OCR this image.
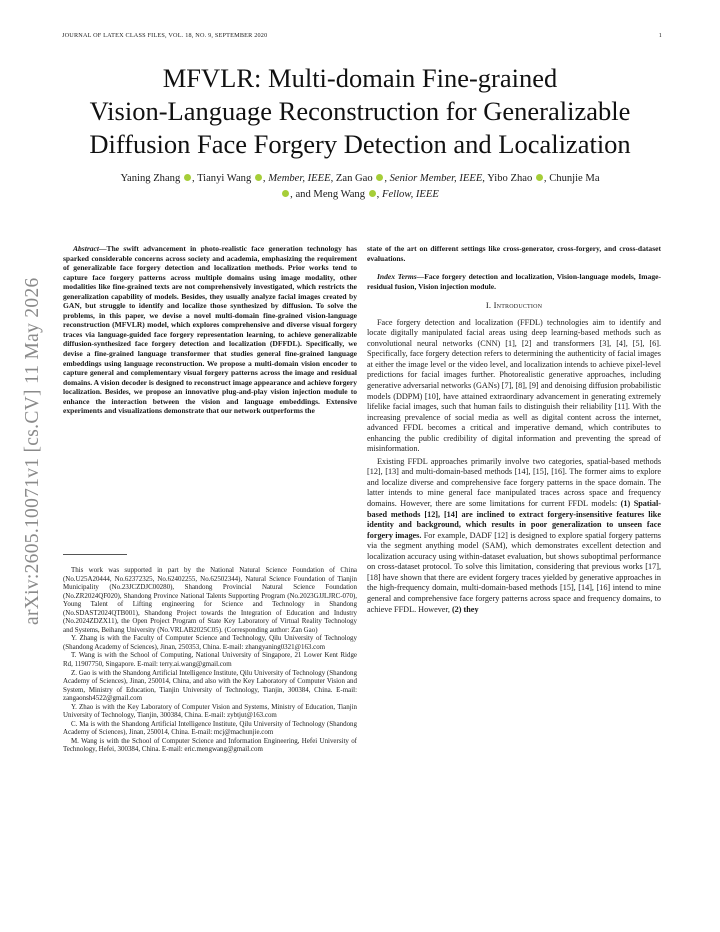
JOURNAL OF LATEX CLASS FILES, VOL. 18, NO. 9, SEPTEMBER 2020	1
MFVLR: Multi-domain Fine-grained
Vision-Language Reconstruction for Generalizable
Diffusion Face Forgery Detection and Localization
Yaning Zhang , Tianyi Wang , Member, IEEE, Zan Gao , Senior Member, IEEE, Yibo Zhao , Chunjie Ma
, and Meng Wang , Fellow, IEEE
arXiv:2605.10071v1 [cs.CV] 11 May 2026

Abstract—The swift advancement in photo-realistic face generation technology has sparked considerable concerns across society and academia, emphasizing the requirement of generalizable face forgery detection and localization methods. Prior works tend to capture face forgery patterns across multiple domains using image modality, other modalities like fine-grained texts are not comprehensively investigated, which restricts the generalization capability of models. Besides, they usually analyze facial images created by GAN, but struggle to identify and localize those synthesized by diffusion. To solve the problems, in this paper, we devise a novel multi-domain fine-grained vision-language reconstruction (MFVLR) model, which explores comprehensive and diverse visual forgery traces via language-guided face forgery representation learning, to achieve generalizable diffusion-synthesized face forgery detection and localization (DFFDL). Specifically, we devise a fine-grained language transformer that studies general fine-grained language embeddings using language reconstruction. We propose a multi-domain vision encoder to capture general and complementary visual forgery patterns across the image and residual domains. A vision decoder is designed to reconstruct image appearance and achieve forgery localization. Besides, we propose an innovative plug-and-play vision injection module to enhance the interaction between the vision and language embeddings. Extensive experiments and visualizations demonstrate that our network outperforms the

This work was supported in part by the National Natural Science Foundation of China (No.U25A20444, No.62372325, No.62402255, No.62502344), Natural Science Foundation of Tianjin Municipality (No.23JCZDJC00280), Shandong Provincial Natural Science Foundation (No.ZR2024QF020), Shandong Province National Talents Supporting Program (No.2023GJJLJRC-070), Young Talent of Lifting engineering for Science and Technology in Shandong (No.SDAST2024QTB001), Shandong Project towards the Integration of Education and Industry (No.2024ZDZX11), the Open Project Program of State Key Laboratory of Virtual Reality Technology and Systems, Beihang University (No.VRLAB2025C05). (Corresponding author: Zan Gao)

Y. Zhang is with the Faculty of Computer Science and Technology, Qilu University of Technology (Shandong Academy of Sciences), Jinan, 250353, China. E-mail: zhangyaning0321@163.com

T. Wang is with the School of Computing, National University of Singapore, 21 Lower Kent Ridge Rd, 11907750, Singapore. E-mail: terry.ai.wang@gmail.com

Z. Gao is with the Shandong Artificial Intelligence Institute, Qilu University of Technology (Shandong Academy of Sciences), Jinan, 250014, China, and also with the Key Laboratory of Computer Vision and System, Ministry of Education, Tianjin University of Technology, Tianjin, 300384, China. E-mail: zangaonsh4522@gmail.com

Y. Zhao is with the Key Laboratory of Computer Vision and Systems, Ministry of Education, Tianjin University of Technology, Tianjin, 300384, China. E-mail: zybtjut@163.com

C. Ma is with the Shandong Artificial Intelligence Institute, Qilu University of Technology (Shandong Academy of Sciences), Jinan, 250014, China. E-mail: mcj@machunjie.com

M. Wang is with the School of Computer Science and Information Engineering, Hefei University of Technology, Hefei, 300384, China. E-mail: eric.mengwang@gmail.com

state of the art on different settings like cross-generator, cross-forgery, and cross-dataset evaluations.

Index Terms—Face forgery detection and localization, Vision-language models, Image-residual fusion, Vision injection module.

I. Introduction

Face forgery detection and localization (FFDL) technologies aim to identify and locate digitally manipulated facial areas using deep learning-based methods such as convolutional neural networks (CNN) [1], [2] and transformers [3], [4], [5], [6]. Specifically, face forgery detection refers to determining the authenticity of facial images at either the image level or the video level, and localization intends to achieve pixel-level predictions for facial images further. Photorealistic generative approaches, including generative adversarial networks (GANs) [7], [8], [9] and denoising diffusion probabilistic models (DDPM) [10], have attained extraordinary advancement in generating extremely lifelike facial images, such that human fails to distinguish their reliability [11]. With the increasing prevalence of social media as well as digital content across the internet, advanced FFDL becomes a critical and imperative demand, which contributes to enhancing the public credibility of digital information and preventing the spread of misinformation.

Existing FFDL approaches primarily involve two categories, spatial-based methods [12], [13] and multi-domain-based methods [14], [15], [16]. The former aims to explore and localize diverse and comprehensive face forgery patterns in the space domain. The latter intends to mine general face manipulated traces across space and frequency domains. However, there are some limitations for current FFDL models: (1) Spatial-based methods [12], [14] are inclined to extract forgery-insensitive features like identity and background, which results in poor generalization to unseen face forgery images. For example, DADF [12] is designed to explore spatial forgery patterns via the segment anything model (SAM), which demonstrates excellent detection and localization accuracy using within-dataset evaluation, but shows suboptimal performance on cross-dataset protocol. To solve this limitation, considering that previous works [17], [18] have shown that there are evident forgery traces yielded by generative approaches in the high-frequency domain, multi-domain-based methods [15], [14], [16] intend to mine general and comprehensive face forgery patterns across space and frequency domains, to achieve FFDL. However, (2) they
